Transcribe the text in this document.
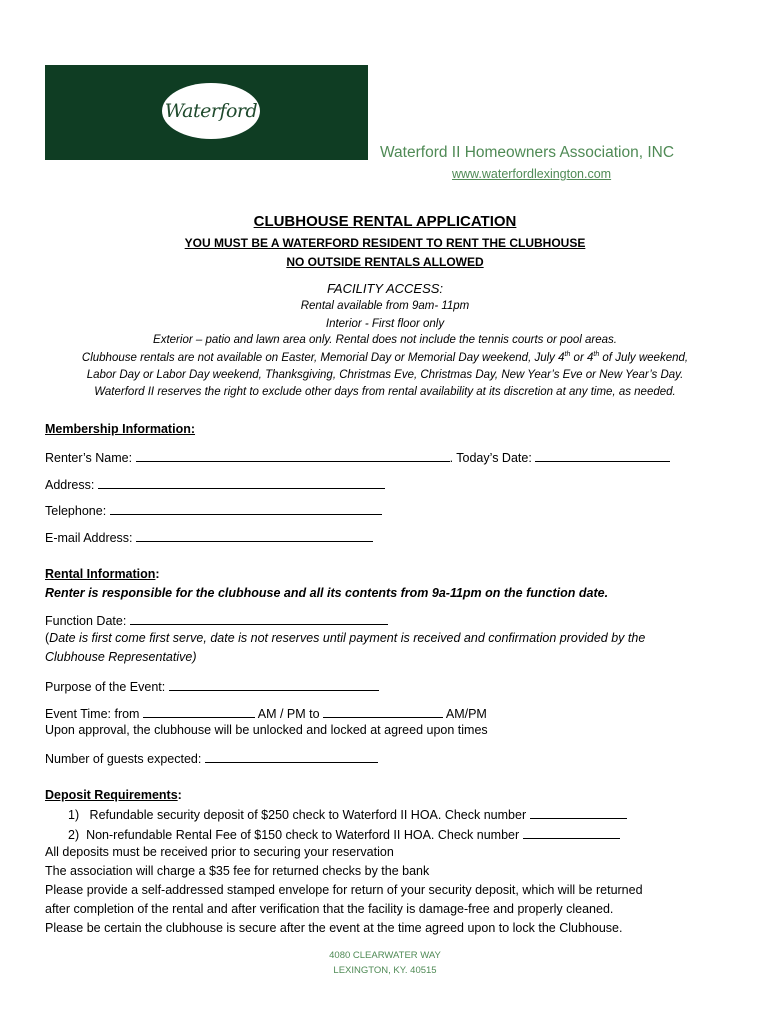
Waterford
Waterford II Homeowners Association, INC
www.waterfordlexington.com
CLUBHOUSE RENTAL APPLICATION
YOU MUST BE A WATERFORD RESIDENT TO RENT THE CLUBHOUSE
NO OUTSIDE RENTALS ALLOWED
FACILITY ACCESS:
Rental available from 9am- 11pm
Interior - First floor only
Exterior – patio and lawn area only. Rental does not include the tennis courts or pool areas.
Clubhouse rentals are not available on Easter, Memorial Day or Memorial Day weekend, July 4th or 4th of July weekend,
Labor Day or Labor Day weekend, Thanksgiving, Christmas Eve, Christmas Day, New Year’s Eve or New Year’s Day.
Waterford II reserves the right to exclude other days from rental availability at its discretion at any time, as needed.
Membership Information:
Renter’s Name:	. Today’s Date:
Address:
Telephone:
E-mail Address:
Rental Information:
Renter is responsible for the clubhouse and all its contents from 9a-11pm on the function date.
Function Date:
(Date is first come first serve, date is not reserves until payment is received and confirmation provided by the
Clubhouse Representative)
Purpose of the Event:
Event Time: from	AM / PM to	AM/PM
Upon approval, the clubhouse will be unlocked and locked at agreed upon times
Number of guests expected:
Deposit Requirements:
1) Refundable security deposit of $250 check to Waterford II HOA. Check number
2) Non-refundable Rental Fee of $150 check to Waterford II HOA. Check number
All deposits must be received prior to securing your reservation
The association will charge a $35 fee for returned checks by the bank
Please provide a self-addressed stamped envelope for return of your security deposit, which will be returned
after completion of the rental and after verification that the facility is damage-free and properly cleaned.
Please be certain the clubhouse is secure after the event at the time agreed upon to lock the Clubhouse.
4080 CLEARWATER WAY
LEXINGTON, KY. 40515
